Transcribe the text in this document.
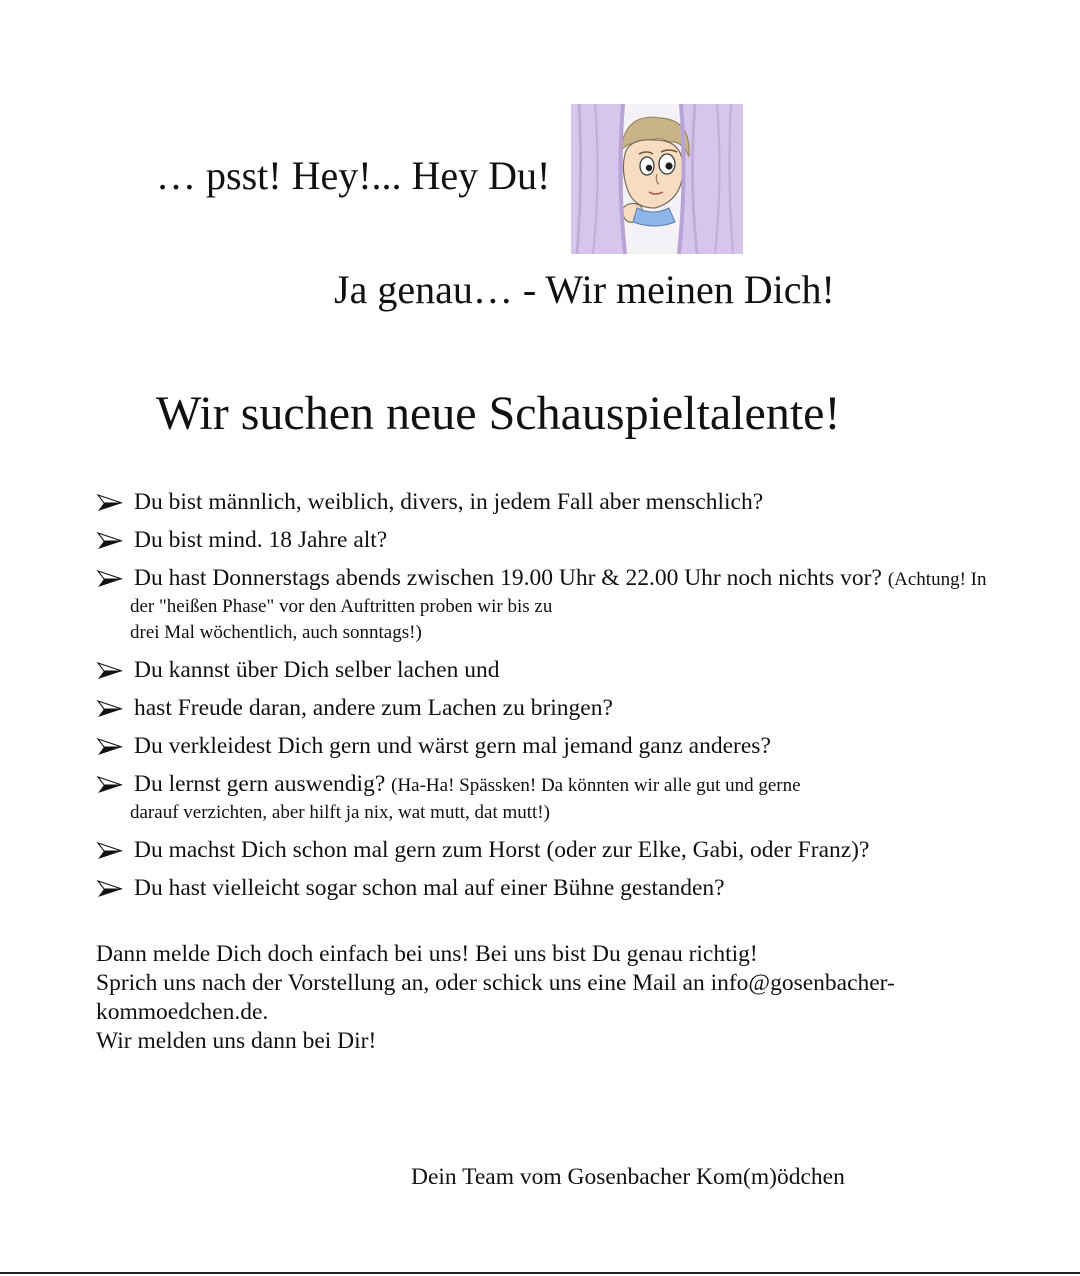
… psst! Hey!... Hey Du!
Ja genau… - Wir meinen Dich!
Wir suchen neue Schauspieltalente!
Du bist männlich, weiblich, divers, in jedem Fall aber menschlich?
Du bist mind. 18 Jahre alt?
Du hast Donnerstags abends zwischen 19.00 Uhr & 22.00 Uhr noch nichts vor? (Achtung! In
der "heißen Phase" vor den Auftritten proben wir bis zu
drei Mal wöchentlich, auch sonntags!)
Du kannst über Dich selber lachen und
hast Freude daran, andere zum Lachen zu bringen?
Du verkleidest Dich gern und wärst gern mal jemand ganz anderes?
Du lernst gern auswendig? (Ha-Ha! Spässken! Da könnten wir alle gut und gerne
darauf verzichten, aber hilft ja nix, wat mutt, dat mutt!)
Du machst Dich schon mal gern zum Horst (oder zur Elke, Gabi, oder Franz)?
Du hast vielleicht sogar schon mal auf einer Bühne gestanden?
Dann melde Dich doch einfach bei uns! Bei uns bist Du genau richtig!
Sprich uns nach der Vorstellung an, oder schick uns eine Mail an info@gosenbacher-
kommoedchen.de.
Wir melden uns dann bei Dir!
Dein Team vom Gosenbacher Kom(m)ödchen
